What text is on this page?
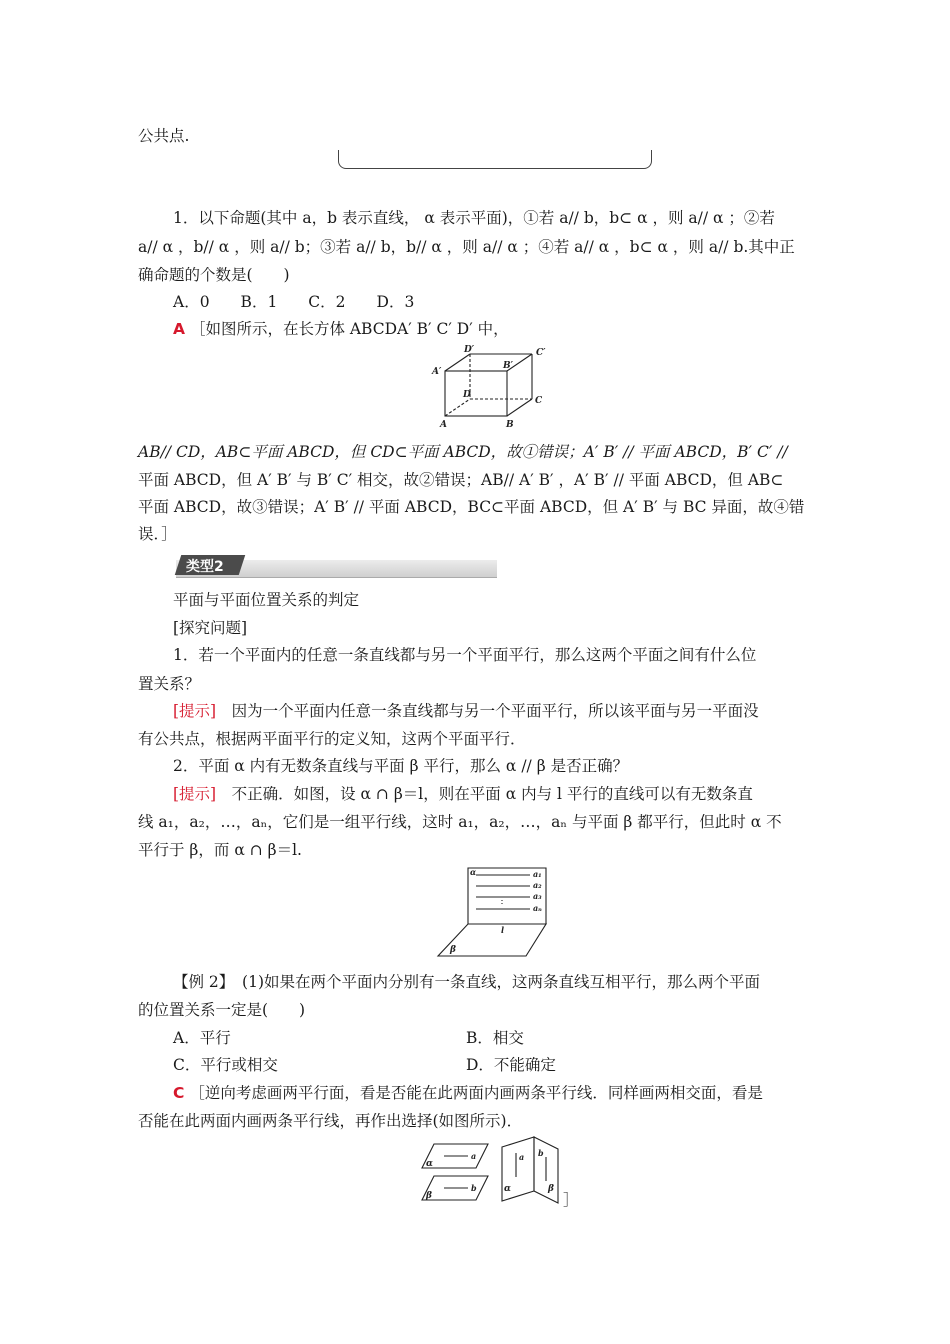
公共点.
1．以下命题(其中 a，b 表示直线， α 表示平面)，①若 a// b，b⊂ α ，则 a// α ；②若
a// α ，b// α ，则 a// b；③若 a// b，b// α ，则 a// α ；④若 a// α ，b⊂ α ，则 a// b.其中正
确命题的个数是(　　)
A．0　　B．1　　C．2　　D．3
A ［如图所示，在长方体 ABCDA′ B′ C′ D′ 中，
D′	C′
A′
B′
D
C
A	B
AB// CD，AB⊂平面 ABCD，但 CD⊂平面 ABCD，故①错误；A′ B′ // 平面 ABCD，B′ C′ //
平面 ABCD，但 A′ B′ 与 B′ C′ 相交，故②错误；AB// A′ B′ ，A′ B′ // 平面 ABCD，但 AB⊂
平面 ABCD，故③错误；A′ B′ // 平面 ABCD，BC⊂平面 ABCD，但 A′ B′ 与 BC 异面，故④错
误．］
类型2
平面与平面位置关系的判定
[探究问题]
1．若一个平面内的任意一条直线都与另一个平面平行，那么这两个平面之间有什么位
置关系？
[提示]　因为一个平面内任意一条直线都与另一个平面平行，所以该平面与另一平面没
有公共点，根据两平面平行的定义知，这两个平面平行．
2．平面 α 内有无数条直线与平面 β 平行，那么 α // β 是否正确？
[提示]　不正确．如图，设 α ∩ β＝l，则在平面 α 内与 l 平行的直线可以有无数条直
线 a₁，a₂，…，aₙ，它们是一组平行线，这时 a₁，a₂，…，aₙ 与平面 β 都平行，但此时 α 不
平行于 β，而 α ∩ β＝l.
α	a₁
a₂
a₃
aₙ
l
β
【例 2】　(1)如果在两个平面内分别有一条直线，这两条直线互相平行，那么两个平面
的位置关系一定是(　　)
A．平行	B．相交
C．平行或相交	D．不能确定
C ［逆向考虑画两平行面，看是否能在此两面内画两条平行线．同样画两相交面，看是
否能在此两面内画两条平行线，再作出选择(如图所示)．
α
a
β
b
a b
α	β
］
